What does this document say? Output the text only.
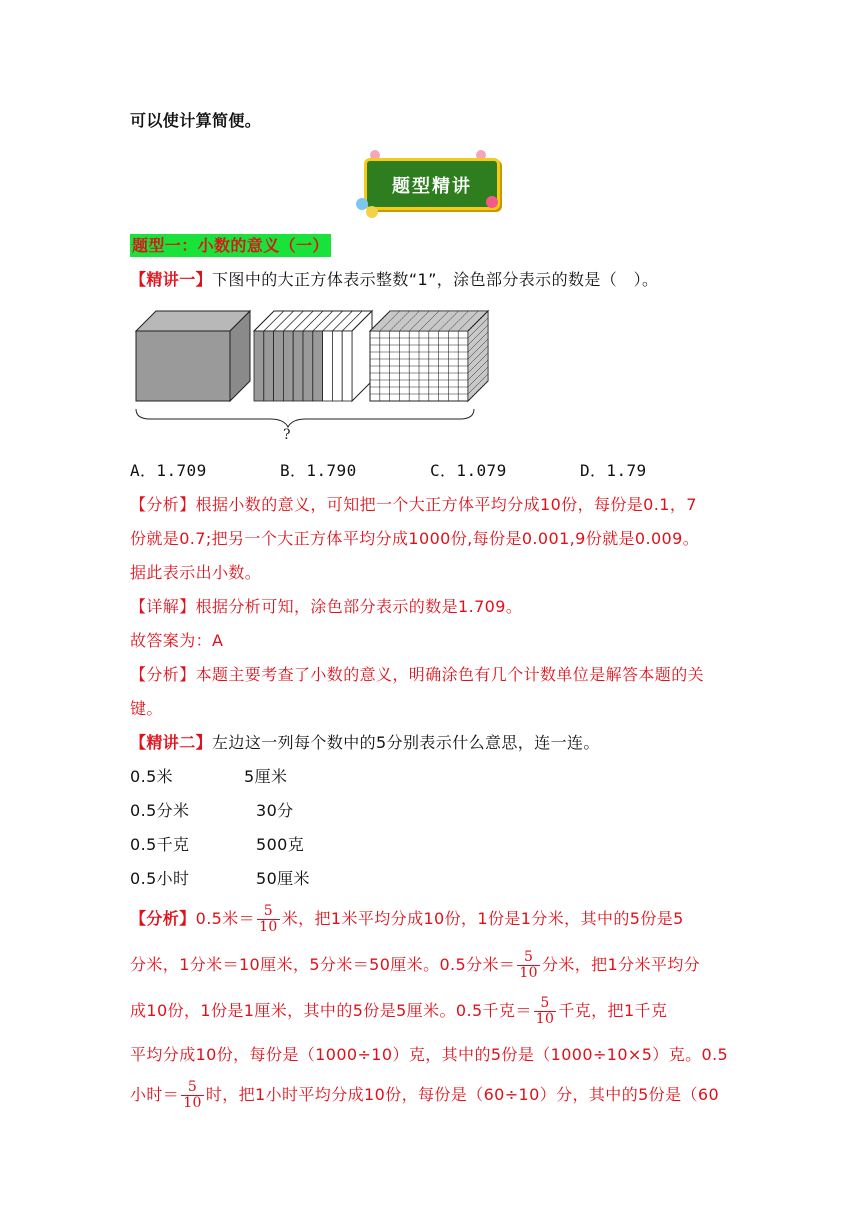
可以使计算简便。
题型精讲
题型一：小数的意义（一）
【精讲一】下图中的大正方体表示整数“1”，涂色部分表示的数是（　）。
?
A．1.709	B．1.790	C．1.079	D．1.79
【分析】根据小数的意义，可知把一个大正方体平均分成10份，每份是0.1，7
份就是0.7;把另一个大正方体平均分成1000份,每份是0.001,9份就是0.009。
据此表示出小数。
【详解】根据分析可知，涂色部分表示的数是1.709。
故答案为：A
【分析】本题主要考查了小数的意义，明确涂色有几个计数单位是解答本题的关
键。
【精讲二】左边这一列每个数中的5分别表示什么意思，连一连。
0.5米	5厘米
0.5分米	30分
0.5千克	500克
0.5小时	50厘米
【分析】0.5米＝ $\frac{5}{10}$ 米，把1米平均分成10份，1份是1分米，其中的5份是5
分米，1分米＝10厘米，5分米＝50厘米。0.5分米＝ $\frac{5}{10}$ 分米，把1分米平均分
成10份，1份是1厘米，其中的5份是5厘米。0.5千克＝ $\frac{5}{10}$ 千克，把1千克
平均分成10份，每份是（1000÷10）克，其中的5份是（1000÷10×5）克。0.5
小时＝ $\frac{5}{10}$ 时，把1小时平均分成10份，每份是（60÷10）分，其中的5份是（60
